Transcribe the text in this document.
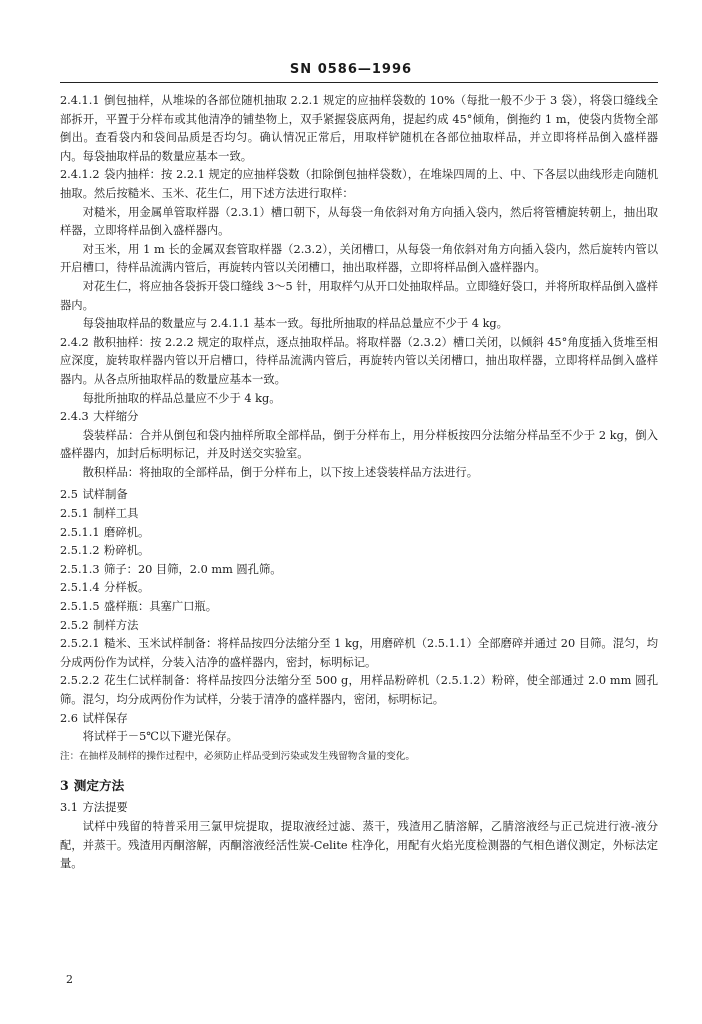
SN 0586—1996

2.4.1.1 倒包抽样，从堆垛的各部位随机抽取 2.2.1 规定的应抽样袋数的 10%（每批一般不少于 3 袋），将袋口缝线全部拆开，平置于分样布或其他清净的铺垫物上，双手紧握袋底两角，提起约成 45°倾角，倒拖约 1 m，使袋内货物全部倒出。查看袋内和袋间品质是否均匀。确认情况正常后，用取样铲随机在各部位抽取样品，并立即将样品倒入盛样器内。每袋抽取样品的数量应基本一致。

2.4.1.2 袋内抽样：按 2.2.1 规定的应抽样袋数（扣除倒包抽样袋数），在堆垛四周的上、中、下各层以曲线形走向随机抽取。然后按糙米、玉米、花生仁，用下述方法进行取样：

对糙米，用金属单管取样器（2.3.1）槽口朝下，从每袋一角依斜对角方向插入袋内，然后将管槽旋转朝上，抽出取样器，立即将样品倒入盛样器内。

对玉米，用 1 m 长的金属双套管取样器（2.3.2），关闭槽口，从每袋一角依斜对角方向插入袋内，然后旋转内管以开启槽口，待样品流满内管后，再旋转内管以关闭槽口，抽出取样器，立即将样品倒入盛样器内。

对花生仁，将应抽各袋拆开袋口缝线 3～5 针，用取样勺从开口处抽取样品。立即缝好袋口，并将所取样品倒入盛样器内。

每袋抽取样品的数量应与 2.4.1.1 基本一致。每批所抽取的样品总量应不少于 4 kg。

2.4.2 散积抽样：按 2.2.2 规定的取样点，逐点抽取样品。将取样器（2.3.2）槽口关闭，以倾斜 45°角度插入货堆至相应深度，旋转取样器内管以开启槽口，待样品流满内管后，再旋转内管以关闭槽口，抽出取样器，立即将样品倒入盛样器内。从各点所抽取样品的数量应基本一致。

每批所抽取的样品总量应不少于 4 kg。

2.4.3 大样缩分

袋装样品：合并从倒包和袋内抽样所取全部样品，倒于分样布上，用分样板按四分法缩分样品至不少于 2 kg，倒入盛样器内，加封后标明标记，并及时送交实验室。

散积样品：将抽取的全部样品，倒于分样布上，以下按上述袋装样品方法进行。

2.5 试样制备

2.5.1 制样工具

2.5.1.1 磨碎机。

2.5.1.2 粉碎机。

2.5.1.3 筛子：20 目筛，2.0 mm 圆孔筛。

2.5.1.4 分样板。

2.5.1.5 盛样瓶：具塞广口瓶。

2.5.2 制样方法

2.5.2.1 糙米、玉米试样制备：将样品按四分法缩分至 1 kg，用磨碎机（2.5.1.1）全部磨碎并通过 20 目筛。混匀，均分成两份作为试样，分装入洁净的盛样器内，密封，标明标记。

2.5.2.2 花生仁试样制备：将样品按四分法缩分至 500 g，用样品粉碎机（2.5.1.2）粉碎，使全部通过 2.0 mm 圆孔筛。混匀，均分成两份作为试样，分装于清净的盛样器内，密闭，标明标记。

2.6 试样保存

将试样于－5℃以下避光保存。

注：在抽样及制样的操作过程中，必须防止样品受到污染或发生残留物含量的变化。

3 测定方法

3.1 方法提要

试样中残留的特普采用三氯甲烷提取，提取液经过滤、蒸干，残渣用乙腈溶解，乙腈溶液经与正己烷进行液-液分配，并蒸干。残渣用丙酮溶解，丙酮溶液经活性炭-Celite 柱净化，用配有火焰光度检测器的气相色谱仪测定，外标法定量。

2
